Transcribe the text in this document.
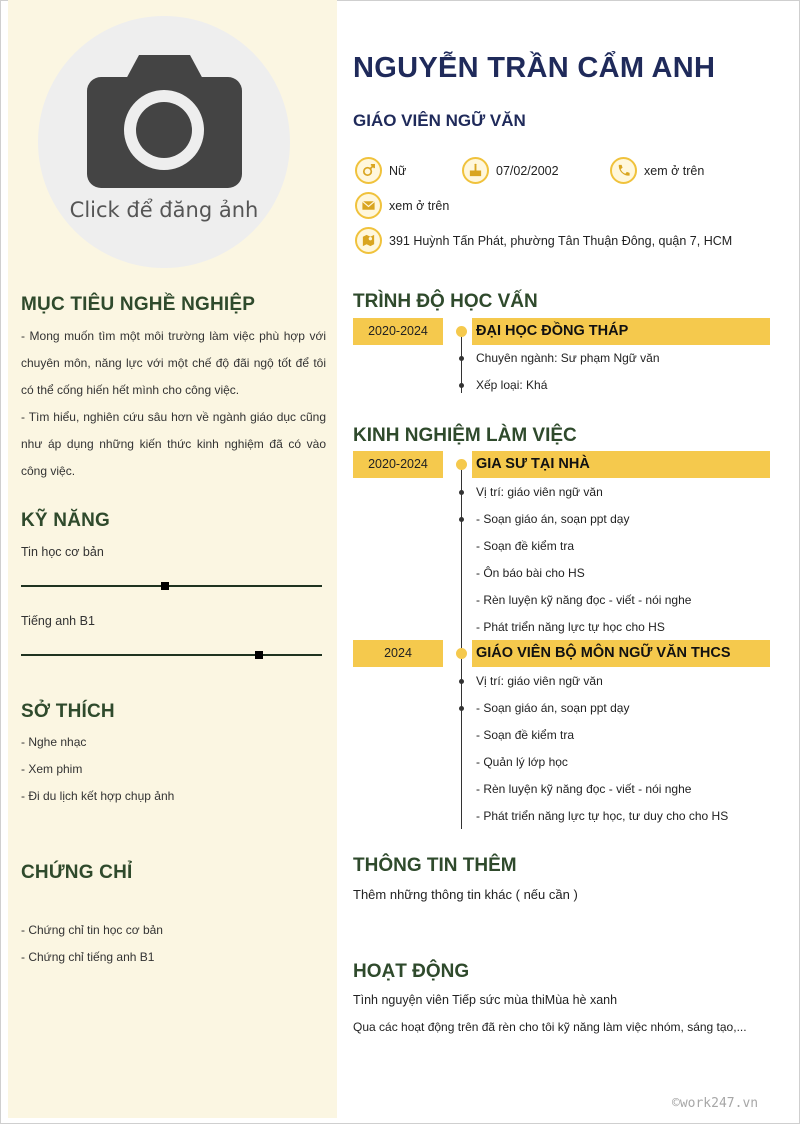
Click để đăng ảnh
MỤC TIÊU NGHỀ NGHIỆP
- Mong muốn tìm một môi trường làm việc phù hợp với chuyên môn, năng lực với một chế độ đãi ngộ tốt để tôi có thể cống hiến hết mình cho công việc.
- Tìm hiểu, nghiên cứu sâu hơn về ngành giáo dục cũng như áp dụng những kiến thức kinh nghiệm đã có vào công việc.
KỸ NĂNG
Tin học cơ bản
Tiếng anh B1
SỞ THÍCH
- Nghe nhạc
- Xem phim
- Đi du lịch kết hợp chụp ảnh
CHỨNG CHỈ
- Chứng chỉ tin học cơ bản
- Chứng chỉ tiếng anh B1
NGUYỄN TRẦN CẨM ANH
GIÁO VIÊN NGỮ VĂN
Nữ	07/02/2002	xem ở trên
xem ở trên
391 Huỳnh Tấn Phát, phường Tân Thuận Đông, quận 7, HCM
TRÌNH ĐỘ HỌC VẤN
2020-2024	ĐẠI HỌC ĐỒNG THÁP
Chuyên ngành: Sư phạm Ngữ văn
Xếp loại: Khá
KINH NGHIỆM LÀM VIỆC
2020-2024	GIA SƯ TẠI NHÀ
Vị trí: giáo viên ngữ văn
- Soạn giáo án, soạn ppt dạy
- Soạn đề kiểm tra
- Ôn báo bài cho HS
- Rèn luyện kỹ năng đọc - viết - nói nghe
- Phát triển năng lực tự học cho HS
2024	GIÁO VIÊN BỘ MÔN NGỮ VĂN THCS
Vị trí: giáo viên ngữ văn
- Soạn giáo án, soạn ppt dạy
- Soạn đề kiểm tra
- Quản lý lớp học
- Rèn luyện kỹ năng đọc - viết - nói nghe
- Phát triển năng lực tự học, tư duy cho cho HS
THÔNG TIN THÊM
Thêm những thông tin khác ( nếu cần )
HOẠT ĐỘNG
Tình nguyện viên Tiếp sức mùa thiMùa hè xanh
Qua các hoạt động trên đã rèn cho tôi kỹ năng làm việc nhóm, sáng tạo,...
©work247.vn
